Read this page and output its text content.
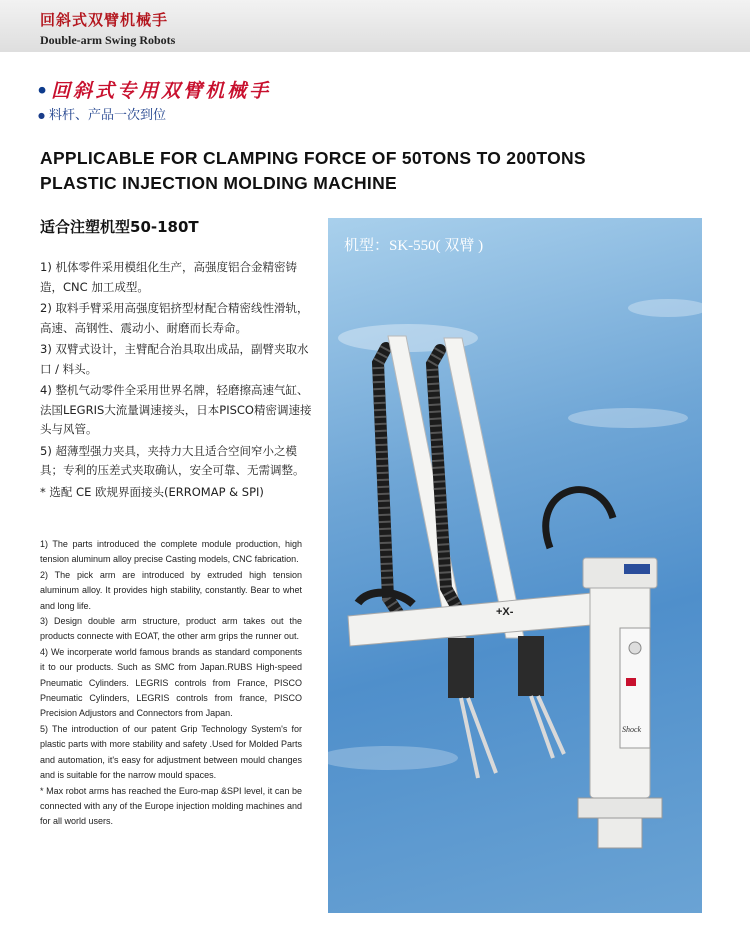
回斜式双臂机械手
Double-arm Swing Robots
•回斜式专用双臂机械手
● 料杆、产品一次到位
APPLICABLE FOR CLAMPING FORCE OF 50TONS TO 200TONS
PLASTIC INJECTION MOLDING MACHINE
适合注塑机型50-180T
1) 机体零件采用模组化生产，高强度铝合金精密铸造，CNC 加工成型。
2) 取料手臂采用高强度铝挤型材配合精密线性滑轨，高速、高钢性、震动小、耐磨而长寿命。
3) 双臂式设计，主臂配合治具取出成品，副臂夹取水口 / 料头。
4) 整机气动零件全采用世界名牌，轻磨擦高速气缸、法国LEGRIS大流量调速接头，日本PISCO精密调速接头与风管。
5) 超薄型强力夹具，夹持力大且适合空间窄小之模具；专利的压差式夹取确认，安全可靠、无需调整。
* 选配 CE 欧规界面接头(ERROMAP & SPI)
1) The parts introduced the complete module production, high tension aluminum alloy precise Casting models, CNC fabrication.
2) The pick arm are introduced by extruded high tension aluminum alloy. It provides high stability, constantly. Bear to whet and long life.
3) Design double arm structure, product arm takes out the products connecte with EOAT, the other arm grips the runner out.
4) We incorperate world famous brands as standard components it to our products. Such as SMC from Japan.RUBS High-speed Pneumatic Cylinders. LEGRIS controls from France, PISCO Pneumatic Cylinders, LEGRIS controls from france, PISCO Precision Adjustors and Connectors from Japan.
5) The introduction of our patent Grip Technology System's for plastic parts with more stability and safety .Used for Molded Parts and automation, it's easy for adjustment between mould changes and is suitable for the narrow mould spaces.
* Max robot arms has reached the Euro-map &SPI level, it can be connected with any of the Europe injection molding machines and for all world users.
+X-
Shock
机型：SK-550( 双臂 )
